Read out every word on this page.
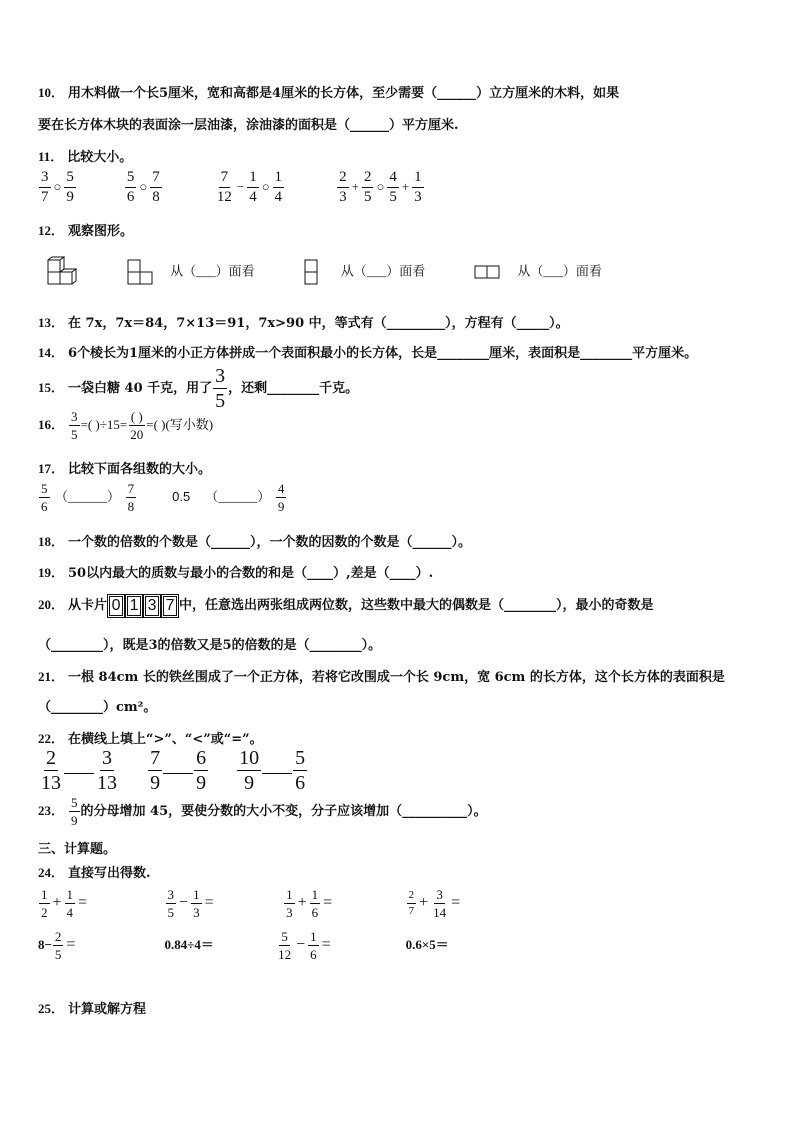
10． 用木料做一个长5厘米，宽和高都是4厘米的长方体，至少需要（______）立方厘米的木料，如果
要在长方体木块的表面涂一层油漆，涂油漆的面积是（______）平方厘米.
11． 比较大小。
$\frac{3}{7}$ ○ $\frac{5}{9}$
	$\frac{5}{6}$ ○ $\frac{7}{8}$
	$\frac{7}{12} - \frac{1}{4}$ ○ $\frac{1}{4}$
	$\frac{2}{3} + \frac{2}{5}$ ○ $\frac{4}{5} + \frac{1}{3}$
12． 观察图形。
从（___）面看	从（___）面看	从（___）面看
13． 在 7x，7x＝84，7×13＝91，7x>90 中，等式有（_________），方程有（_____）。
14． 6个棱长为1厘米的小正方体拼成一个表面积最小的长方体，长是________厘米，表面积是________平方厘米。
15． 一袋白糖 40 千克，用了 $\frac{3}{5}$ ，还剩________千克。
16． $\frac{3}{5}$ =( )$\div 15= \frac{( )}{20}$ =( )(写小数)
17． 比较下面各组数的大小。
$\frac{5}{6}$ （______） $\frac{7}{8}$	0.5 （______） $\frac{4}{9}$
18． 一个数的倍数的个数是（______），一个数的因数的个数是（______）。
19． 50以内最大的质数与最小的合数的和是（____）,差是（____）.
20． 从卡片 0 1 3 7 中，任意选出两张组成两位数，这些数中最大的偶数是（________），最小的奇数是
（________），既是3的倍数又是5的倍数的是（________）。
21． 一根 84cm 长的铁丝围成了一个正方体，若将它改围成一个长 9cm，宽 6cm 的长方体，这个长方体的表面积是
（________）cm²。
22． 在横线上填上“>”、“<”或“=”。
$\frac{2}{13} \frac{3}{13}$
$\frac{7}{9} \frac{6}{9}$
$\frac{10}{9} \frac{5}{6}$
23． $\frac{5}{9}$ 的分母增加 45，要使分数的大小不变，分子应该增加（__________）。
三、计算题。
24． 直接写出得数.
$\frac{1}{2} + \frac{1}{4}$ =	$\frac{3}{5} - \frac{1}{3}$ =	$\frac{1}{3} + \frac{1}{6}$ =	$\frac{2}{7} + \frac{3}{14}$ =
$8- \frac{2}{5}$ =	0.84÷4＝	$\frac{5}{12} - \frac{1}{6}$ =	0.6×5＝
25． 计算或解方程
